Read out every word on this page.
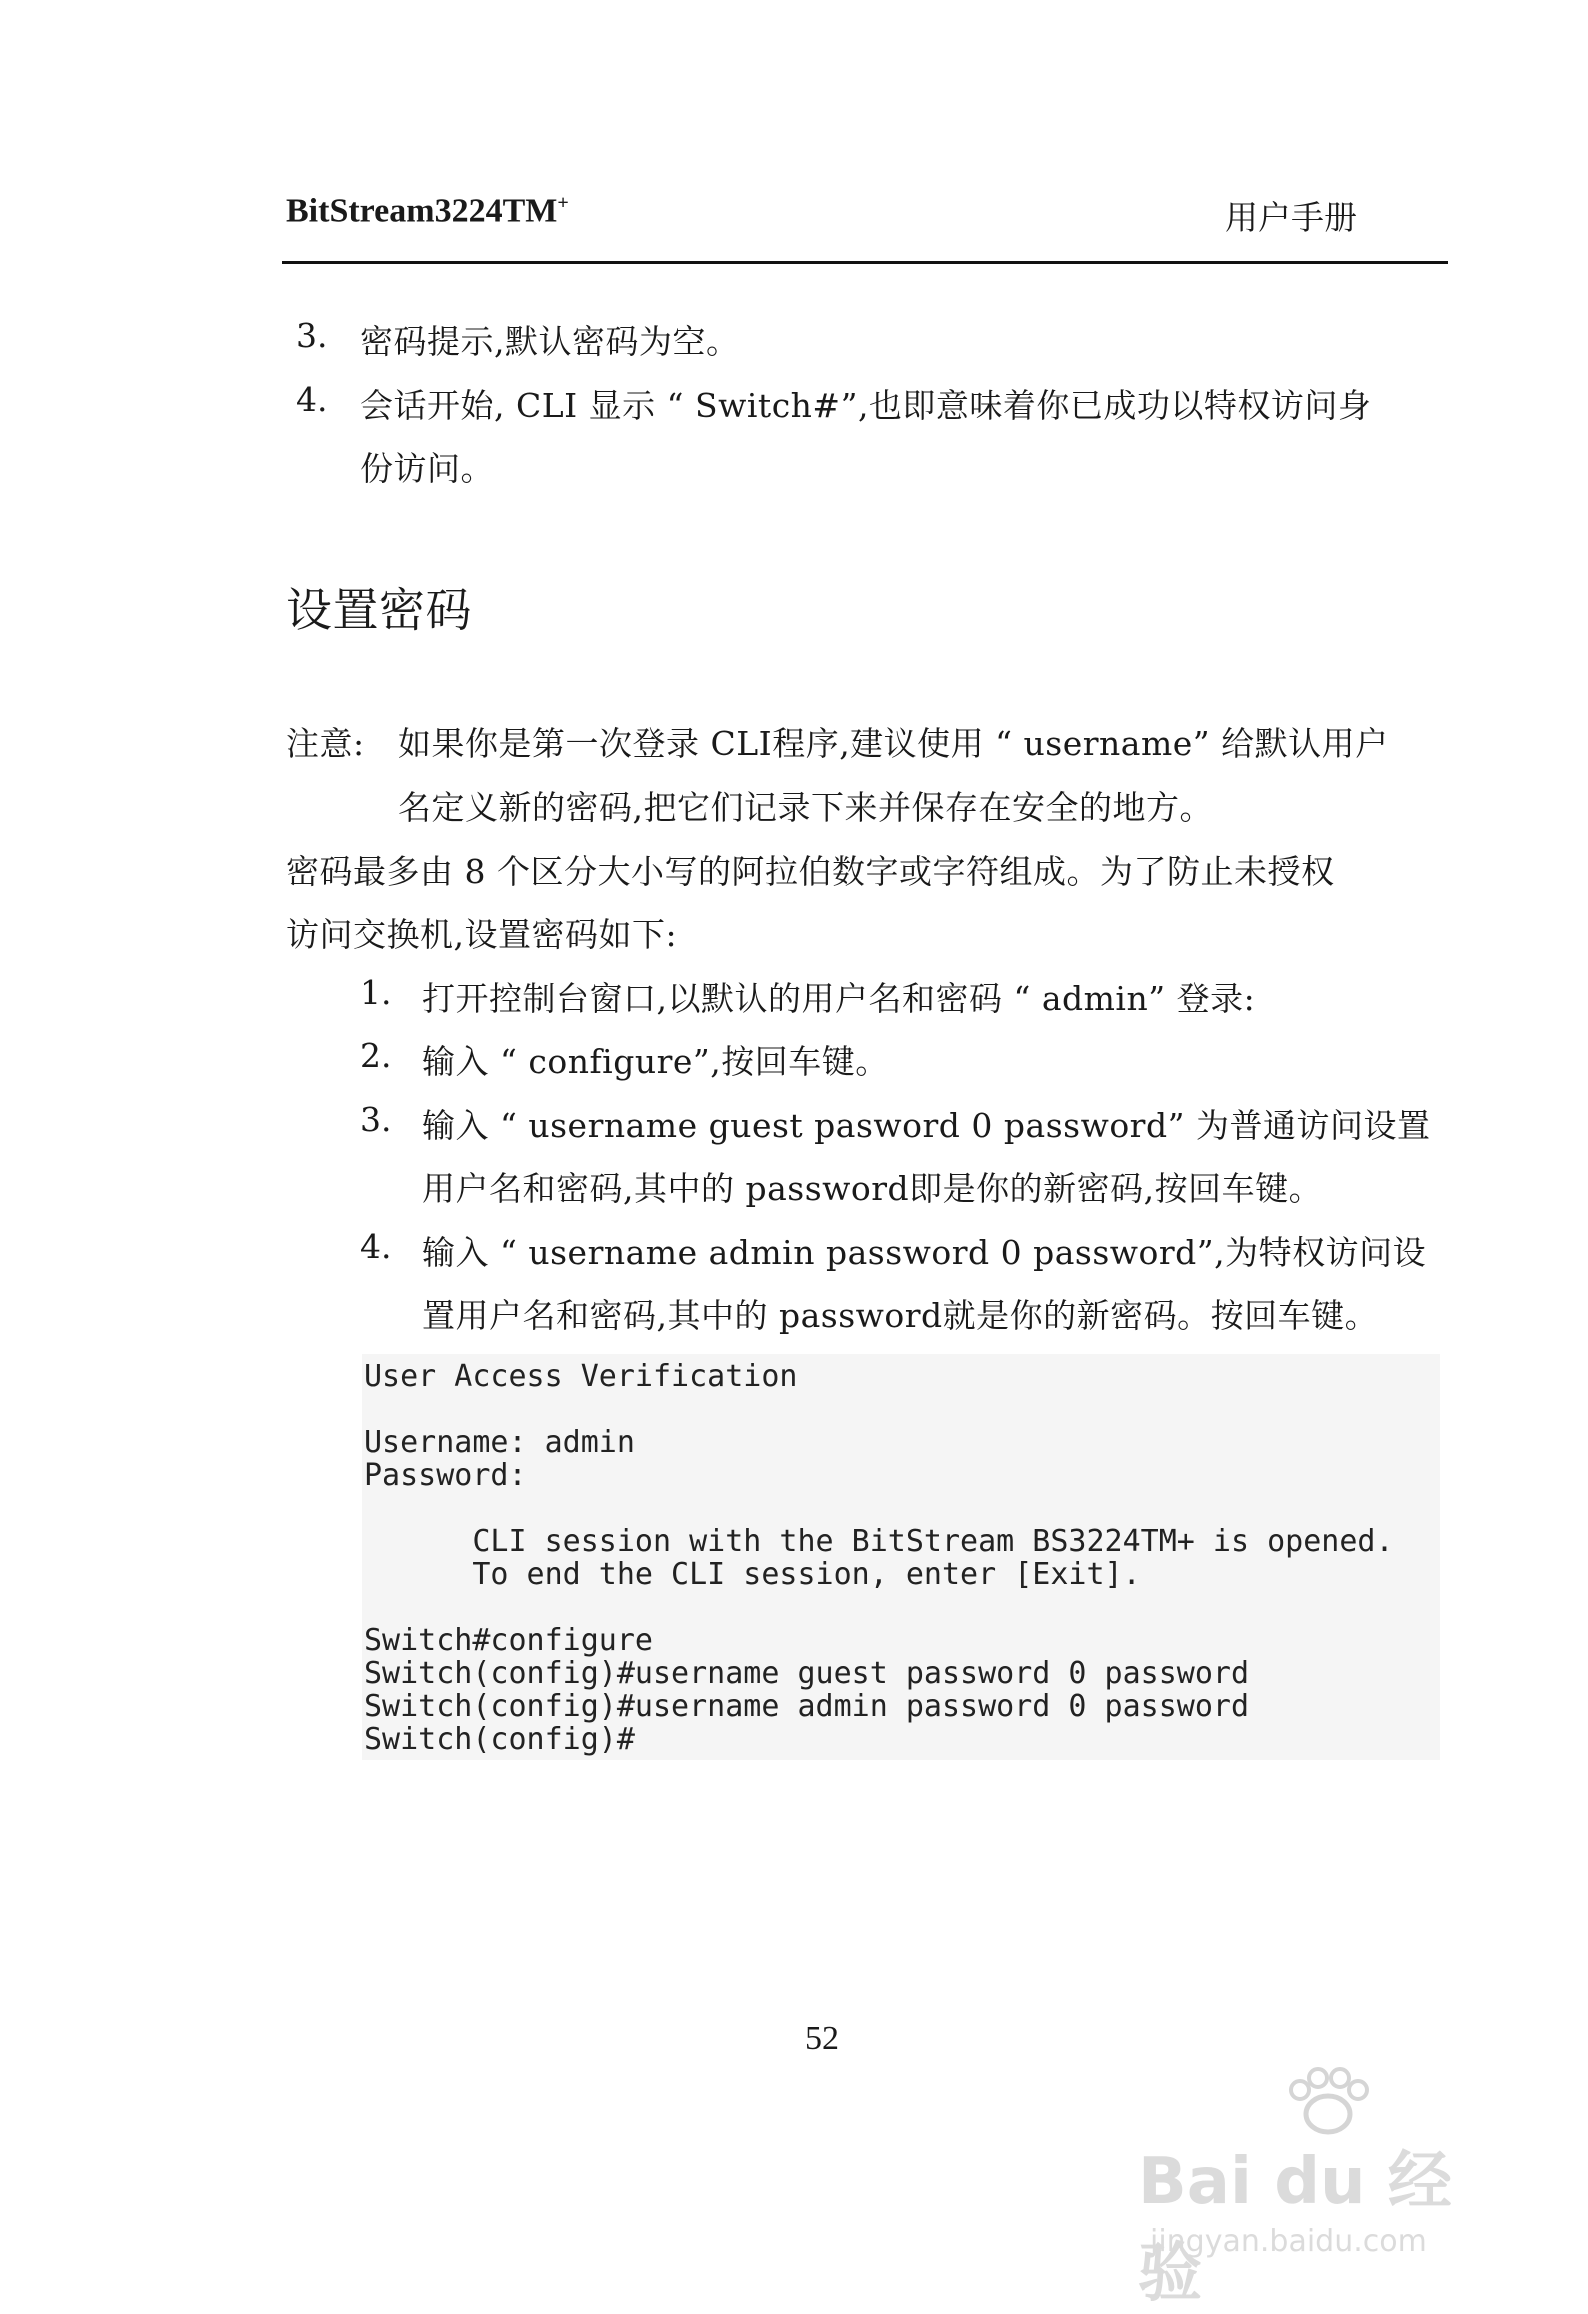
BitStream3224TM+	用户手册
3. 密码提示,默认密码为空。
4. 会话开始, CLI 显示 “ Switch#”,也即意味着你已成功以特权访问身
份访问。
设置密码
注意: 如果你是第一次登录 CLI程序,建议使用 “ username” 给默认用户
名定义新的密码,把它们记录下来并保存在安全的地方。
密码最多由 8 个区分大小写的阿拉伯数字或字符组成。为了防止未授权
访问交换机,设置密码如下:
1. 打开控制台窗口,以默认的用户名和密码 “ admin” 登录:
2. 输入 “ configure”,按回车键。
3. 输入 “ username guest pasword 0 password” 为普通访问设置
用户名和密码,其中的 password即是你的新密码,按回车键。
4. 输入 “ username admin password 0 password”,为特权访问设
置用户名和密码,其中的 password就是你的新密码。按回车键。
User Access Verification
Username: admin
Password:
CLI session with the BitStream BS3224TM+ is opened.
To end the CLI session, enter [Exit].
Switch#configure
Switch(config)#username guest password 0 password
Switch(config)#username admin password 0 password
Switch(config)#
52
Bai du 经验
jingyan.baidu.com
